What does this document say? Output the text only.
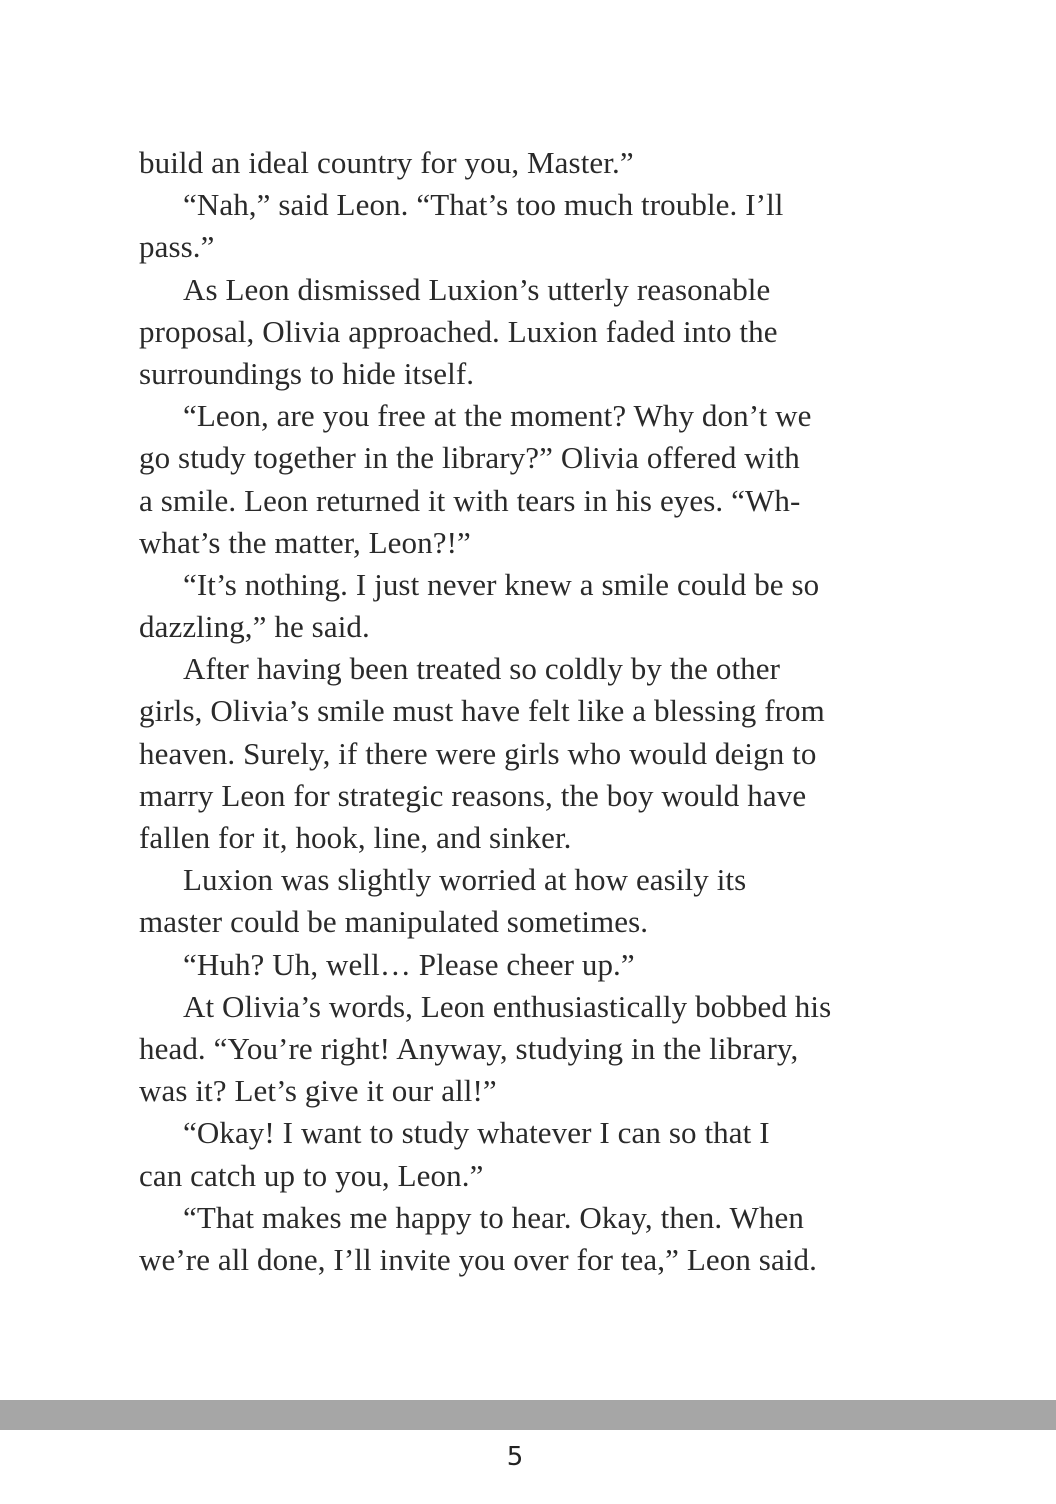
build an ideal country for you, Master.”
“Nah,” said Leon. “That’s too much trouble. I’ll
pass.”
As Leon dismissed Luxion’s utterly reasonable
proposal, Olivia approached. Luxion faded into the
surroundings to hide itself.
“Leon, are you free at the moment? Why don’t we
go study together in the library?” Olivia offered with
a smile. Leon returned it with tears in his eyes. “Wh-
what’s the matter, Leon?!”
“It’s nothing. I just never knew a smile could be so
dazzling,” he said.
After having been treated so coldly by the other
girls, Olivia’s smile must have felt like a blessing from
heaven. Surely, if there were girls who would deign to
marry Leon for strategic reasons, the boy would have
fallen for it, hook, line, and sinker.
Luxion was slightly worried at how easily its
master could be manipulated sometimes.
“Huh? Uh, well… Please cheer up.”
At Olivia’s words, Leon enthusiastically bobbed his
head. “You’re right! Anyway, studying in the library,
was it? Let’s give it our all!”
“Okay! I want to study whatever I can so that I
can catch up to you, Leon.”
“That makes me happy to hear. Okay, then. When
we’re all done, I’ll invite you over for tea,” Leon said.
5
